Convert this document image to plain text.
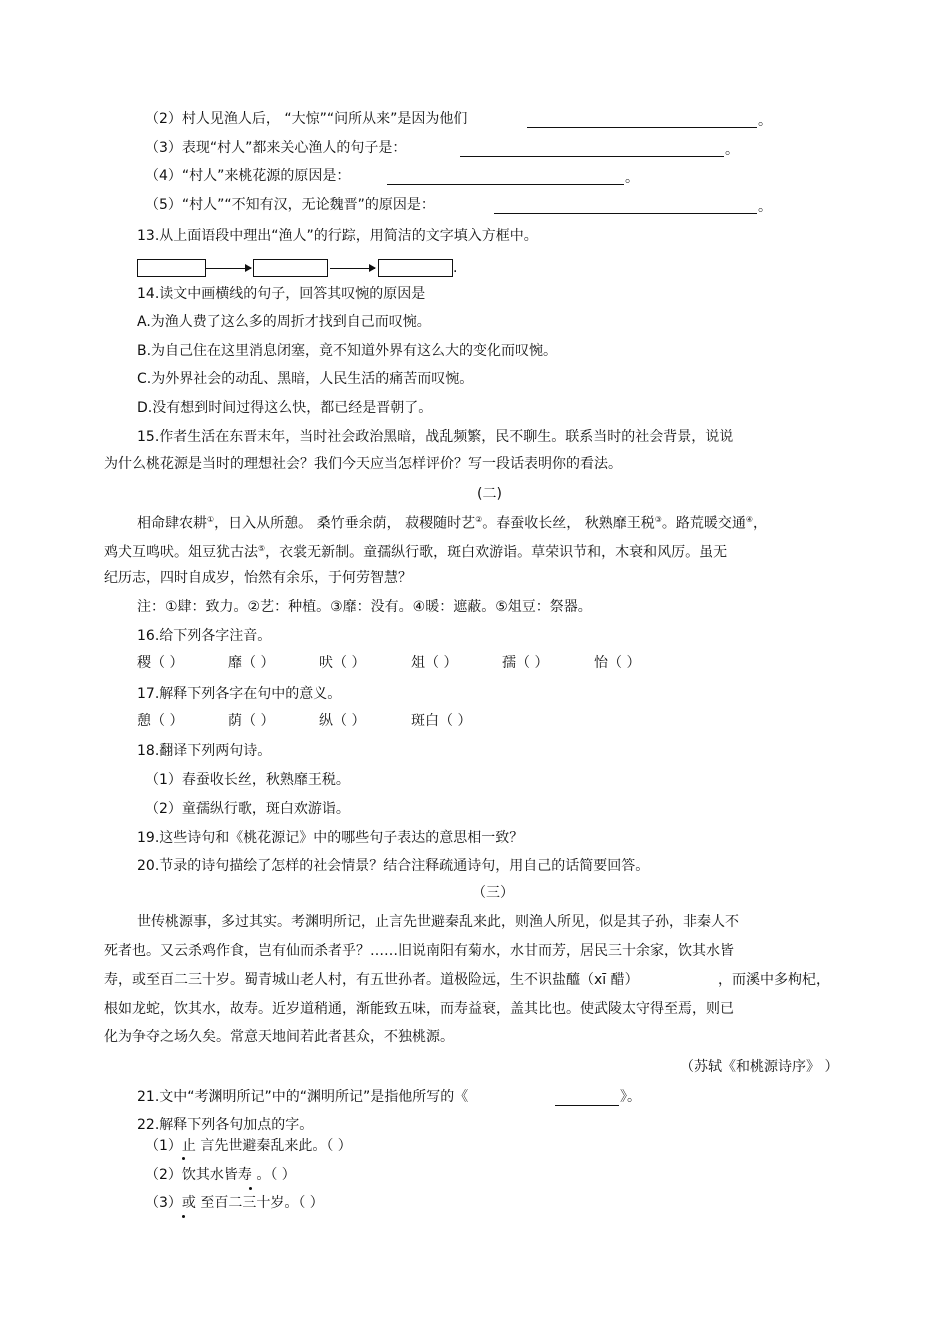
（2）村人见渔人后， “大惊”“问所从来”是因为他们	。
（3）表现“村人”都来关心渔人的句子是：	。
（4）“村人”来桃花源的原因是：	。
（5）“村人”“不知有汉，无论魏晋”的原因是：	。
13.从上面语段中理出“渔人”的行踪，用简洁的文字填入方框中。
.
14.读文中画横线的句子，回答其叹惋的原因是
A.为渔人费了这么多的周折才找到自己而叹惋。
B.为自己住在这里消息闭塞，竟不知道外界有这么大的变化而叹惋。
C.为外界社会的动乱、黑暗，人民生活的痛苦而叹惋。
D.没有想到时间过得这么快，都已经是晋朝了。
15.作者生活在东晋末年，当时社会政治黑暗，战乱频繁，民不聊生。联系当时的社会背景，说说
为什么桃花源是当时的理想社会？我们今天应当怎样评价？写一段话表明你的看法。
(二)
相命肆农耕①，日入从所憩。 桑竹垂余荫， 菽稷随时艺②。春蚕收长丝， 秋熟靡王税③。路荒暖交通④，
鸡犬互鸣吠。俎豆犹古法⑤，衣裳无新制。童孺纵行歌，斑白欢游诣。草荣识节和，木衰和风厉。虽无
纪历志，四时自成岁，怡然有余乐，于何劳智慧？
注：①肆：致力。②艺：种植。③靡：没有。④暖：遮蔽。⑤俎豆：祭器。
16.给下列各字注音。
稷（ ）	靡（ ）	吠（ ）	俎（ ）	孺（ ）	怡（ ）
17.解释下列各字在句中的意义。
憩（ ）	荫（ ）	纵（ ）	斑白（ ）
18.翻译下列两句诗。
（1）春蚕收长丝，秋熟靡王税。
（2）童孺纵行歌，斑白欢游诣。
19.这些诗句和《桃花源记》中的哪些句子表达的意思相一致？
20.节录的诗句描绘了怎样的社会情景？结合注释疏通诗句，用自己的话简要回答。
（三）
世传桃源事，多过其实。考渊明所记，止言先世避秦乱来此，则渔人所见，似是其子孙，非秦人不
死者也。又云杀鸡作食，岂有仙而杀者乎？……旧说南阳有菊水，水甘而芳，居民三十余家，饮其水皆
寿，或至百二三十岁。蜀青城山老人村，有五世孙者。道极险远，生不识盐醯（xī 醋）	，而溪中多枸杞，
根如龙蛇，饮其水，故寿。近岁道稍通，渐能致五味，而寿益衰，盖其比也。使武陵太守得至焉，则已
化为争夺之场久矣。常意天地间若此者甚众，不独桃源。
（苏轼《和桃源诗序》 ）
21.文中“考渊明所记”中的“渊明所记”是指他所写的《	》。
22.解释下列各句加点的字。
（1）止 言先世避秦乱来此。（ ）
（2）饮其水皆寿 。（ ）
（3）或 至百二三十岁。（ ）
